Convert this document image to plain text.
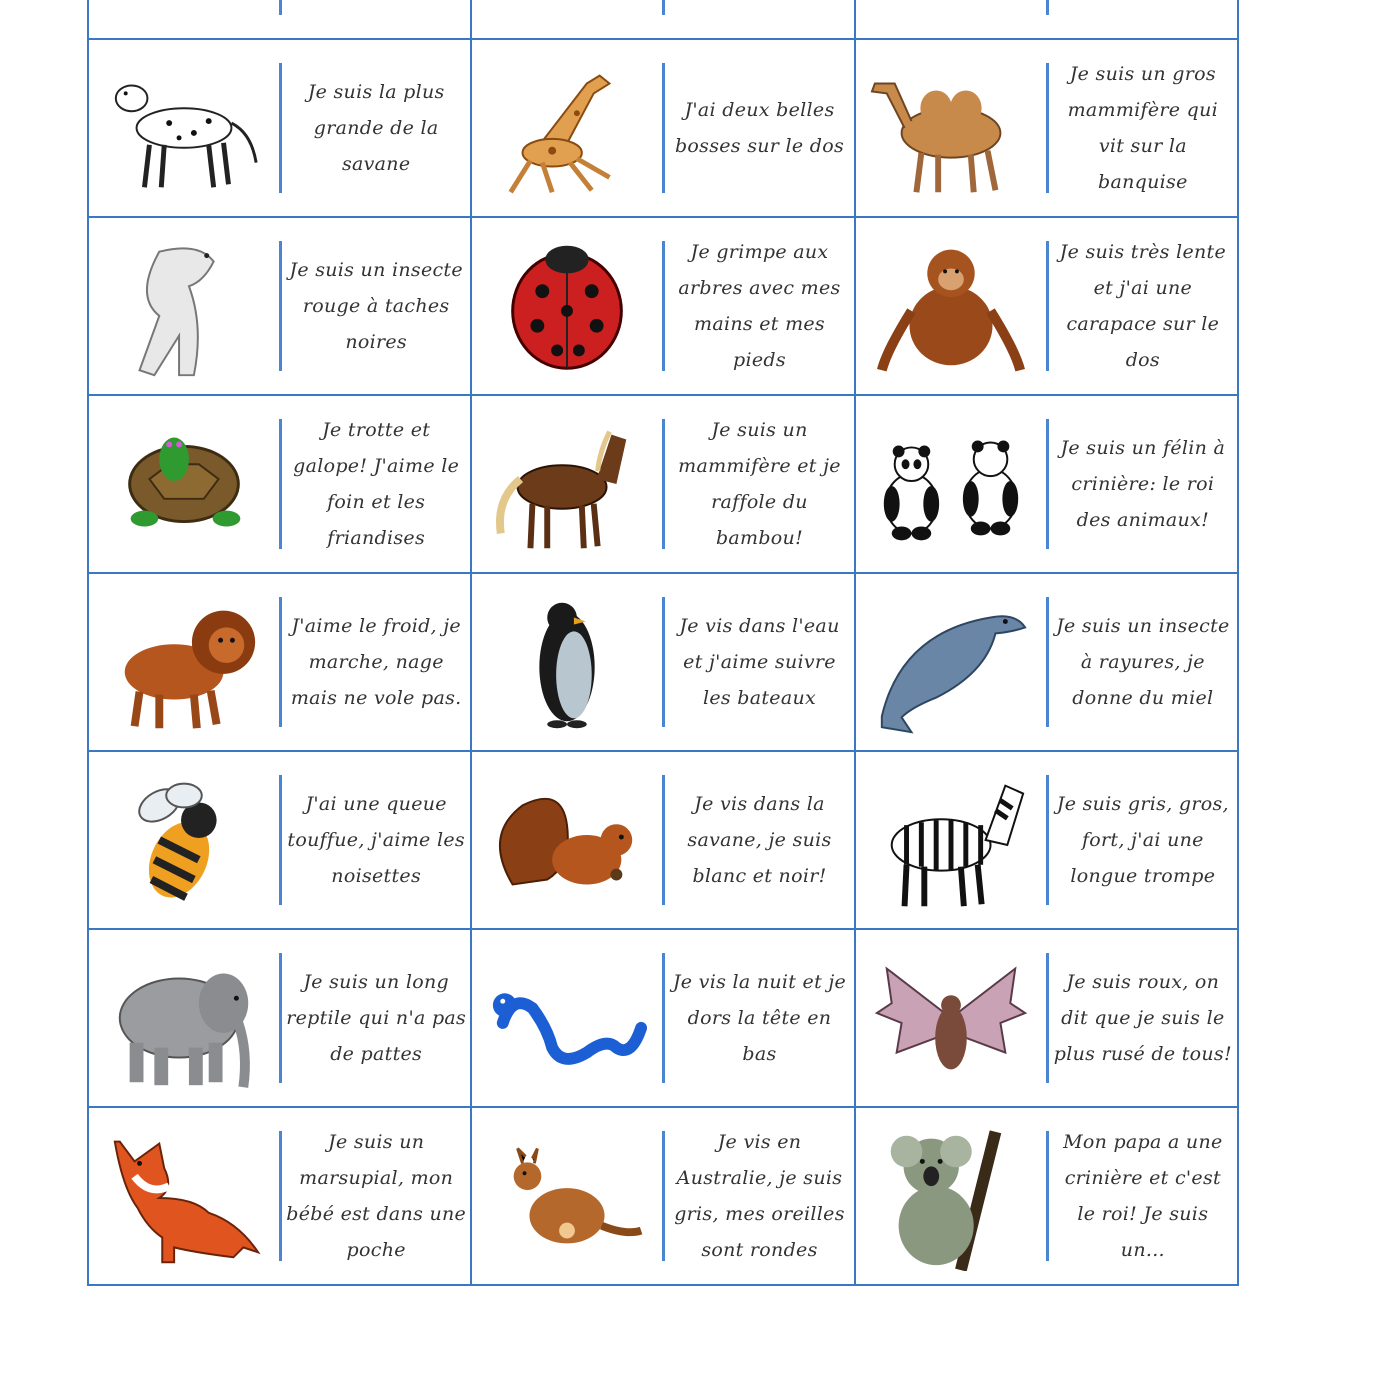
Je suis la plus grande de la savane
J'ai deux belles bosses sur le dos
Je suis un gros mammifère qui vit sur la banquise
Je suis un insecte rouge à taches noires
Je grimpe aux arbres avec mes mains et mes pieds
Je suis très lente et j'ai une carapace sur le dos
Je trotte et galope! J'aime le foin et les friandises
Je suis un mammifère et je raffole du bambou!
Je suis un félin à crinière: le roi des animaux!
J'aime le froid, je marche, nage mais ne vole pas.
Je vis dans l'eau et j'aime suivre les bateaux
Je suis un insecte à rayures, je donne du miel
J'ai une queue touffue, j'aime les noisettes
Je vis dans la savane, je suis blanc et noir!
Je suis gris, gros, fort, j'ai une longue trompe
Je suis un long reptile qui n'a pas de pattes
Je vis la nuit et je dors la tête en bas
Je suis roux, on dit que je suis le plus rusé de tous!
Je suis un marsupial, mon bébé est dans une poche
Je vis en Australie, je suis gris, mes oreilles sont rondes
Mon papa a une crinière et c'est le roi! Je suis un...
